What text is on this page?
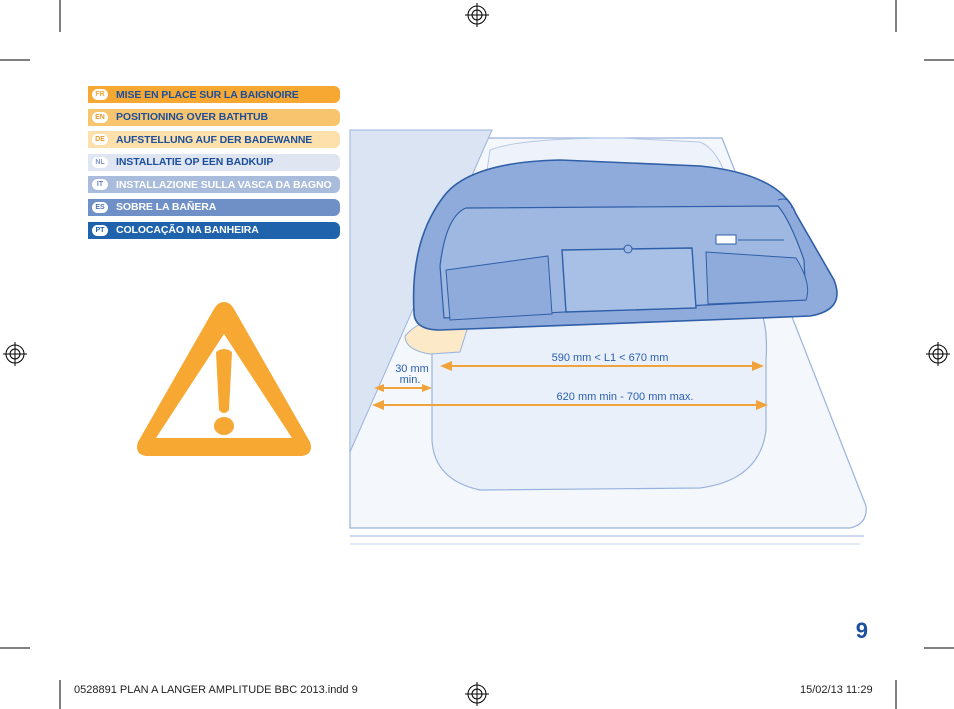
FR	MISE EN PLACE SUR LA BAIGNOIRE
EN POSITIONING OVER BATHTUB
DE AUFSTELLUNG AUF DER BADEWANNE
NL	INSTALLATIE OP EEN BADKUIP
IT	INSTALLAZIONE SULLA VASCA DA BAGNO
ES	SOBRE LA BAÑERA
PT	COLOCAÇÃO NA BANHEIRA
590 mm < L1 < 670 mm
620 mm min - 700 mm max.
30 mm
min.
9
0528891 PLAN A LANGER AMPLITUDE BBC 2013.indd 9	15/02/13 11:29
